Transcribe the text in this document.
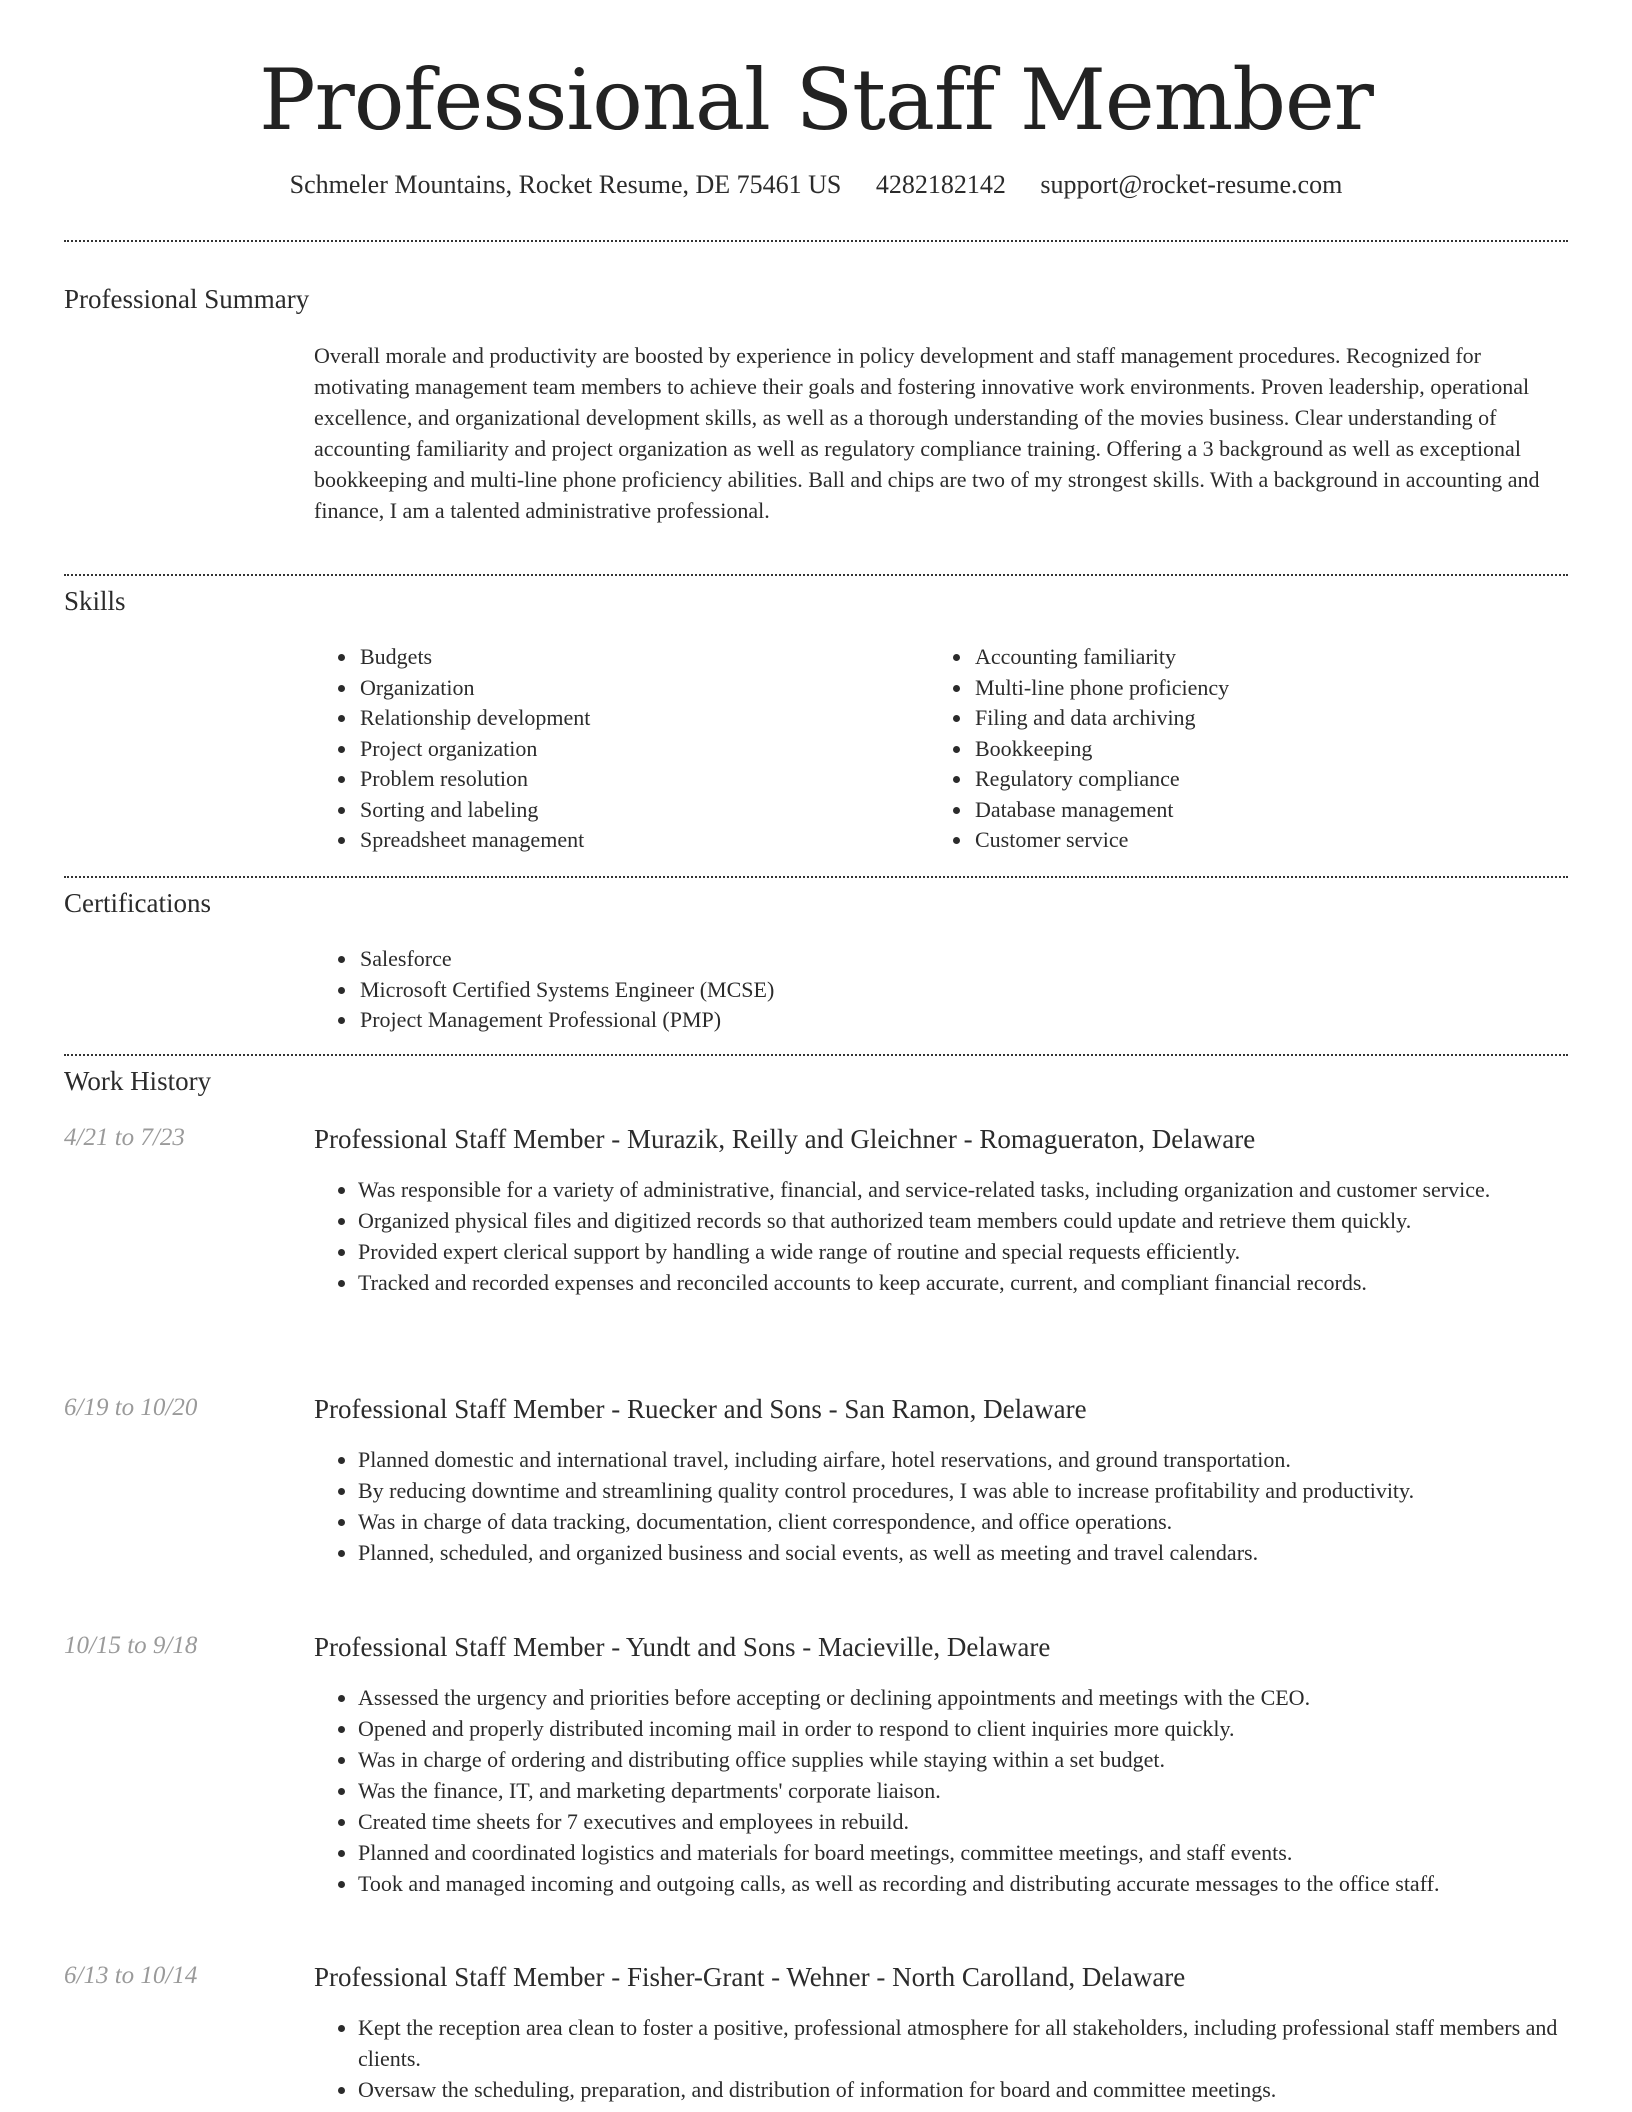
Professional Staff Member
Schmeler Mountains, Rocket Resume, DE 75461 US 4282182142 support@rocket-resume.com
Professional Summary
Overall morale and productivity are boosted by experience in policy development and staff management procedures. Recognized for motivating management team members to achieve their goals and fostering innovative work environments. Proven leadership, operational excellence, and organizational development skills, as well as a thorough understanding of the movies business. Clear understanding of accounting familiarity and project organization as well as regulatory compliance training. Offering a 3 background as well as exceptional bookkeeping and multi-line phone proficiency abilities. Ball and chips are two of my strongest skills. With a background in accounting and finance, I am a talented administrative professional.
Skills
• Budgets
• Organization
• Relationship development
• Project organization
• Problem resolution
• Sorting and labeling
• Spreadsheet management
• Accounting familiarity
• Multi-line phone proficiency
• Filing and data archiving
• Bookkeeping
• Regulatory compliance
• Database management
• Customer service
Certifications
• Salesforce
• Microsoft Certified Systems Engineer (MCSE)
• Project Management Professional (PMP)
Work History
4/21 to 7/23	Professional Staff Member - Murazik, Reilly and Gleichner - Romagueraton, Delaware
• Was responsible for a variety of administrative, financial, and service-related tasks, including organization and customer service.
• Organized physical files and digitized records so that authorized team members could update and retrieve them quickly.
• Provided expert clerical support by handling a wide range of routine and special requests efficiently.
• Tracked and recorded expenses and reconciled accounts to keep accurate, current, and compliant financial records.
6/19 to 10/20	Professional Staff Member - Ruecker and Sons - San Ramon, Delaware
• Planned domestic and international travel, including airfare, hotel reservations, and ground transportation.
• By reducing downtime and streamlining quality control procedures, I was able to increase profitability and productivity.
• Was in charge of data tracking, documentation, client correspondence, and office operations.
• Planned, scheduled, and organized business and social events, as well as meeting and travel calendars.
10/15 to 9/18	Professional Staff Member - Yundt and Sons - Macieville, Delaware
• Assessed the urgency and priorities before accepting or declining appointments and meetings with the CEO.
• Opened and properly distributed incoming mail in order to respond to client inquiries more quickly.
• Was in charge of ordering and distributing office supplies while staying within a set budget.
• Was the finance, IT, and marketing departments' corporate liaison.
• Created time sheets for 7 executives and employees in rebuild.
• Planned and coordinated logistics and materials for board meetings, committee meetings, and staff events.
• Took and managed incoming and outgoing calls, as well as recording and distributing accurate messages to the office staff.
6/13 to 10/14	Professional Staff Member - Fisher-Grant - Wehner - North Carolland, Delaware
• Kept the reception area clean to foster a positive, professional atmosphere for all stakeholders, including professional staff members and clients.
• Oversaw the scheduling, preparation, and distribution of information for board and committee meetings.
